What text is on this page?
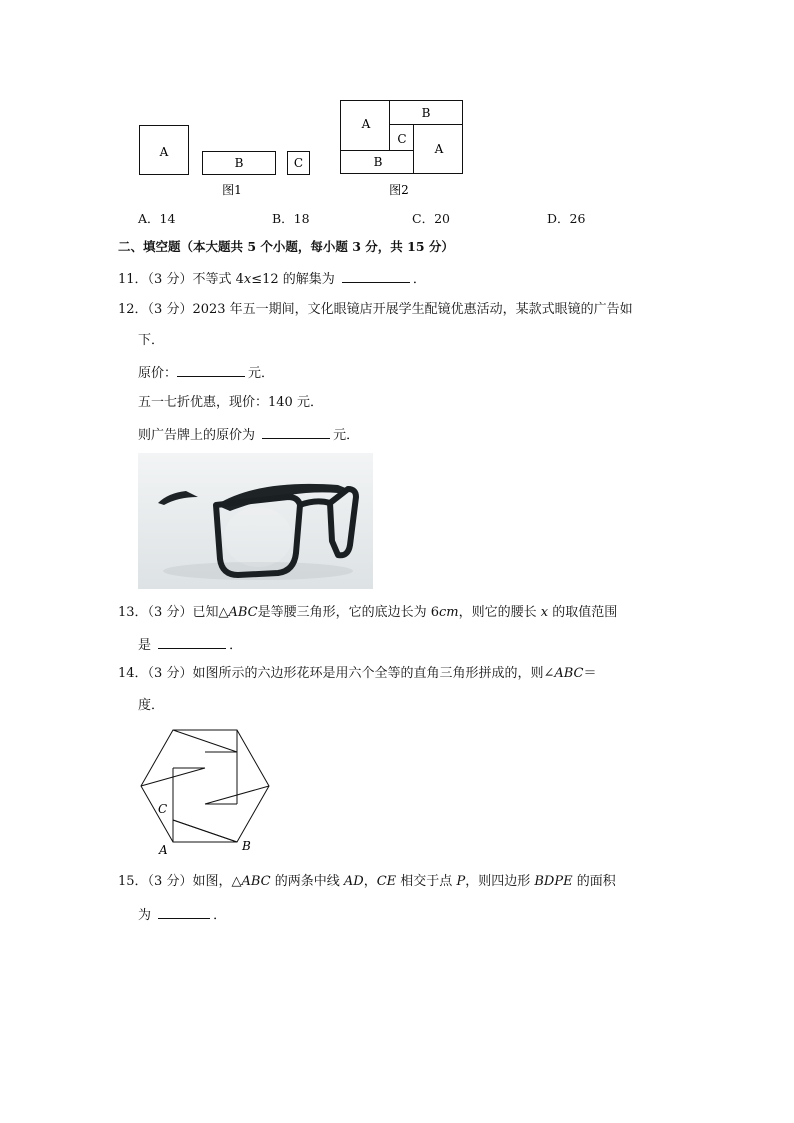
A
B	C
图1
A
B
C
A
B
图2
A．14	B．18	C．20	D．26
二、填空题（本大题共 5 个小题，每小题 3 分，共 15 分）
11．（3 分）不等式 4x≤12 的解集为	．
12．（3 分）2023 年五一期间，文化眼镜店开展学生配镜优惠活动，某款式眼镜的广告如
下．
原价：	元．
五一七折优惠，现价：140 元．
则广告牌上的原价为	元．
13．（3 分）已知△ABC是等腰三角形，它的底边长为 6cm，则它的腰长 x 的取值范围
是	．
14．（3 分）如图所示的六边形花环是用六个全等的直角三角形拼成的，则∠ABC＝
度．
C
A	B
15．（3 分）如图，△ABC 的两条中线 AD，CE 相交于点 P，则四边形 BDPE 的面积
为	．
